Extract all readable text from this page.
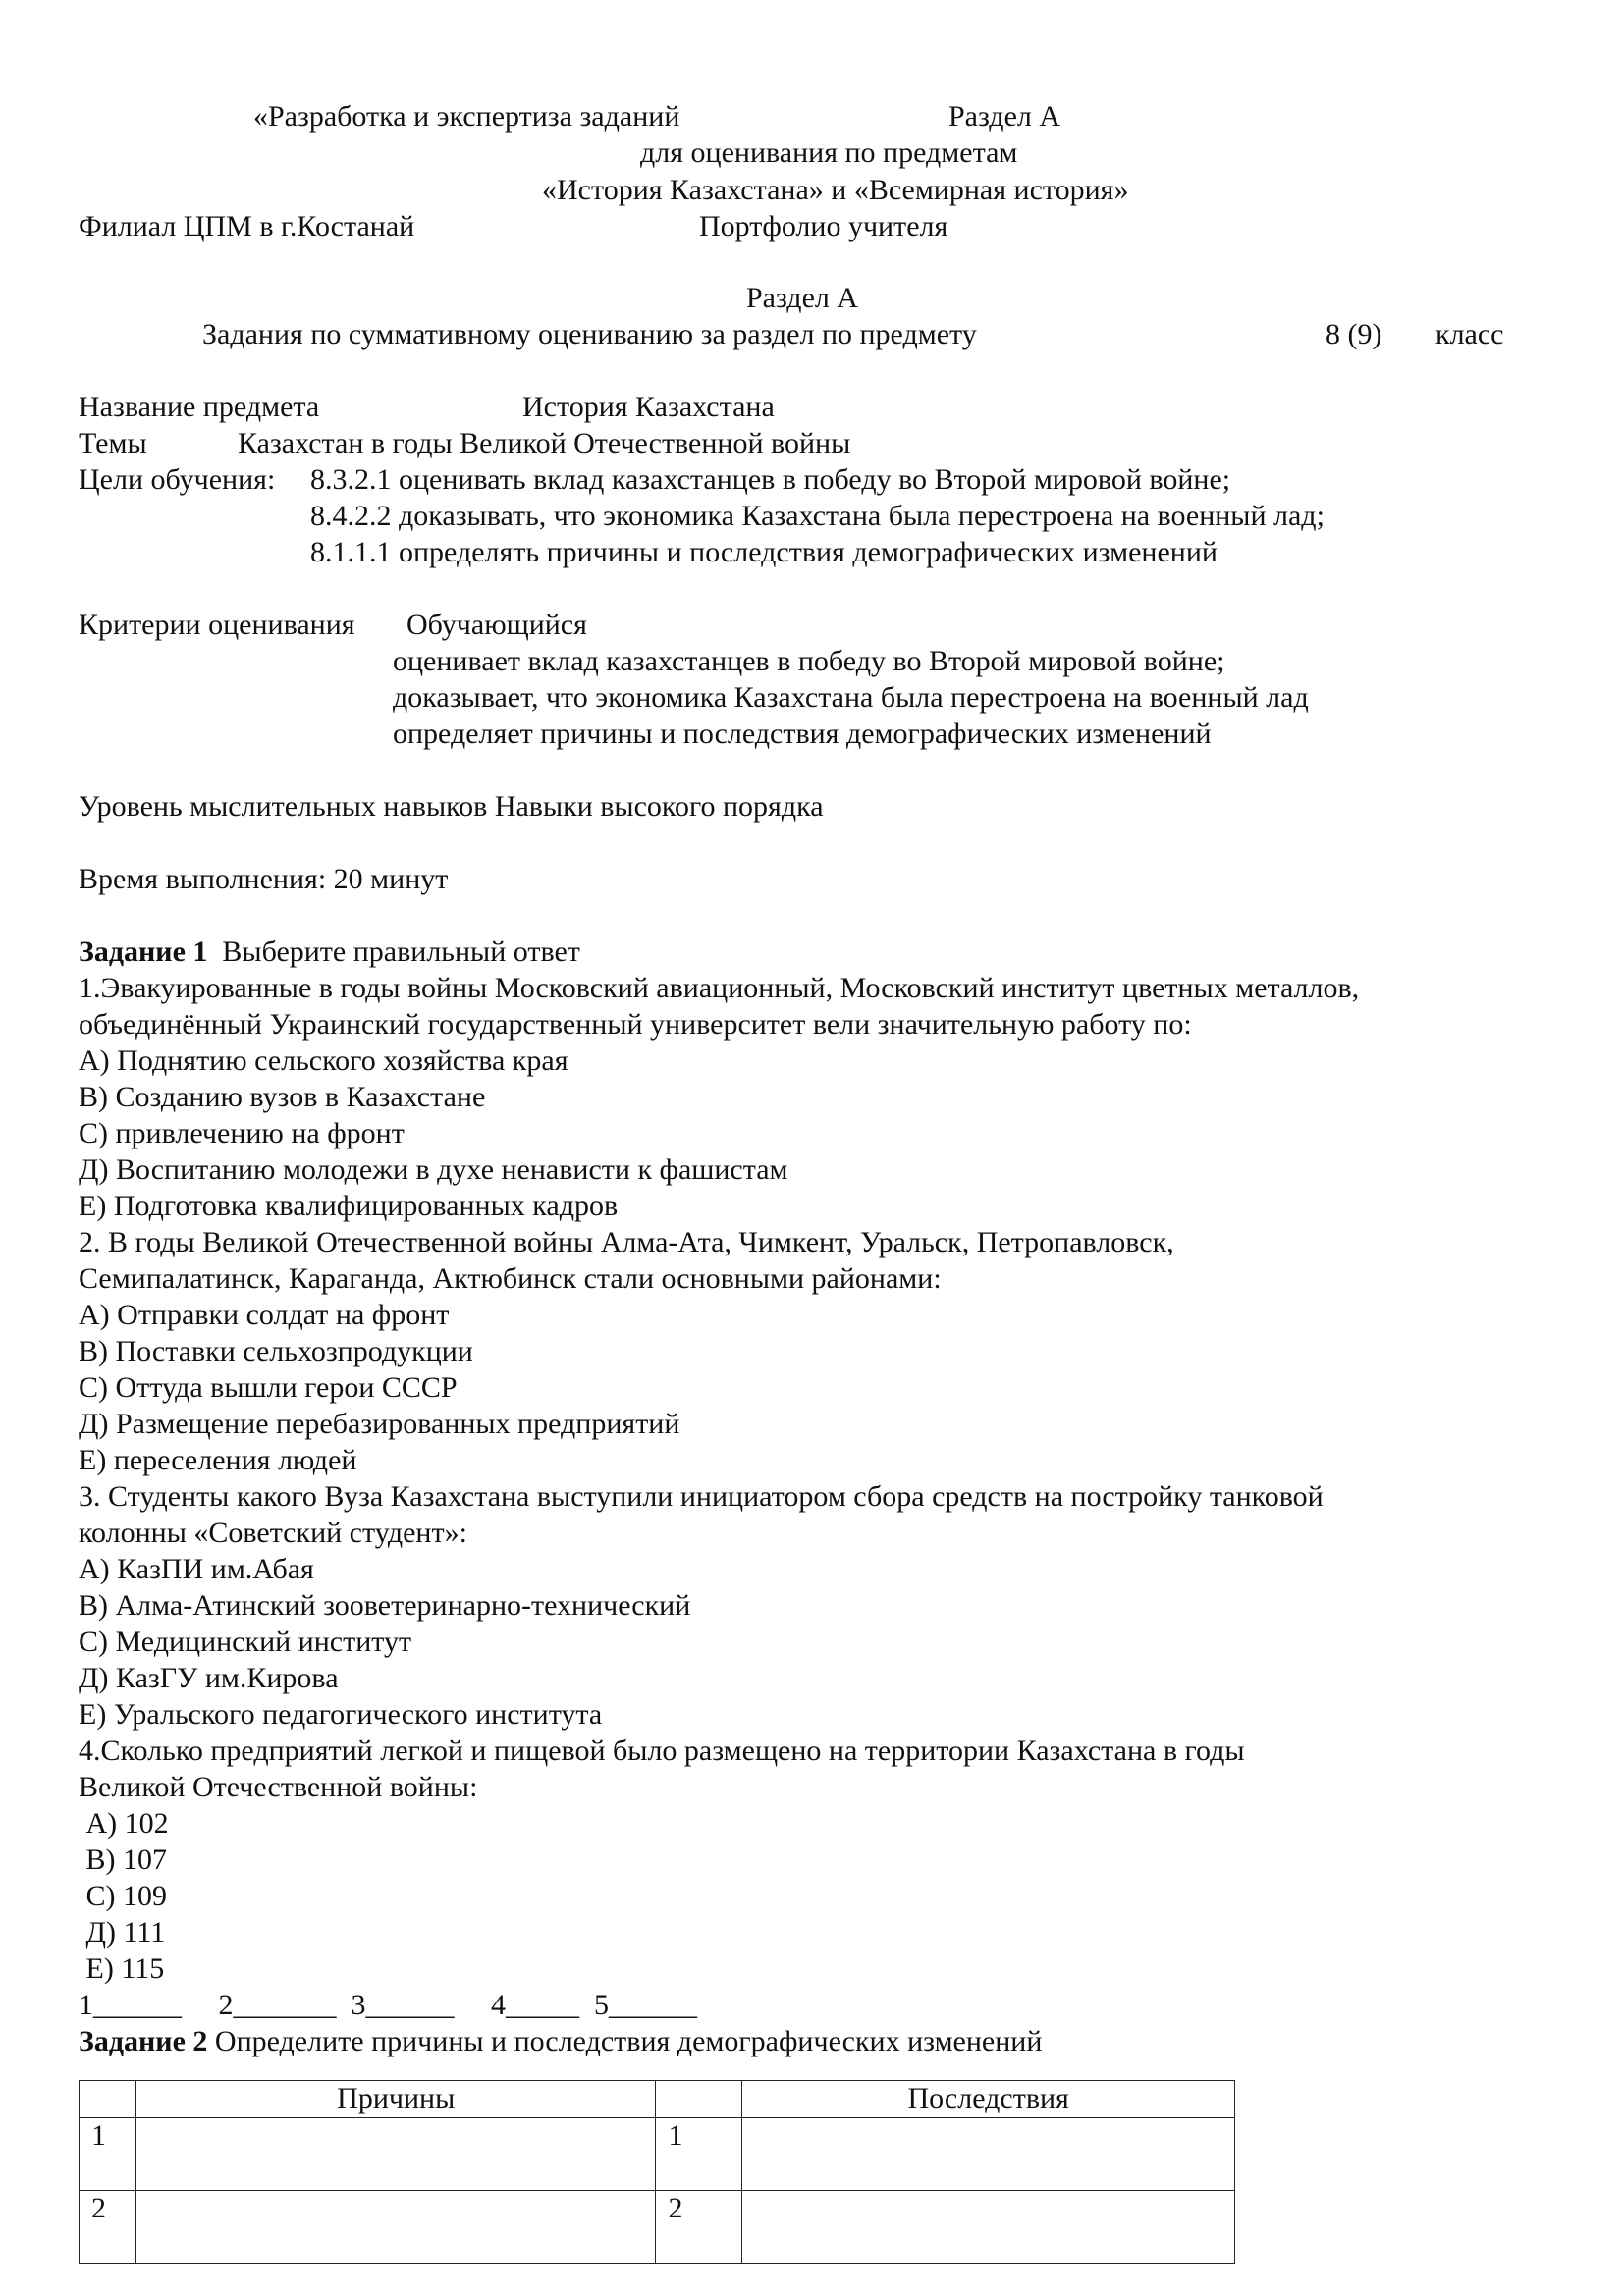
«Разработка и экспертиза заданий	Раздел А
для оценивания по предметам
«История Казахстана» и «Всемирная история»
Филиал ЦПМ в г.Костанай	Портфолио учителя
Раздел А
Задания по суммативному оцениванию за раздел по предмету	8 (9) класс
Название предмета	История Казахстана
Темы	Казахстан в годы Великой Отечественной войны
Цели обучения: 8.3.2.1 оценивать вклад казахстанцев в победу во Второй мировой войне;
8.4.2.2 доказывать, что экономика Казахстана была перестроена на военный лад;
8.1.1.1 определять причины и последствия демографических изменений
Критерии оценивания Обучающийся
оценивает вклад казахстанцев в победу во Второй мировой войне;
доказывает, что экономика Казахстана была перестроена на военный лад
определяет причины и последствия демографических изменений
Уровень мыслительных навыков Навыки высокого порядка
Время выполнения: 20 минут
Задание 1  Выберите правильный ответ
1.Эвакуированные в годы войны Московский авиационный, Московский институт цветных металлов,
объединённый Украинский государственный университет вели значительную работу по:
А) Поднятию сельского хозяйства края
В) Созданию вузов в Казахстане
С) привлечению на фронт
Д) Воспитанию молодежи в духе ненависти к фашистам
Е) Подготовка квалифицированных кадров
2. В годы Великой Отечественной войны Алма-Ата, Чимкент, Уральск, Петропавловск,
Семипалатинск, Караганда, Актюбинск стали основными районами:
А) Отправки солдат на фронт
В) Поставки сельхозпродукции
С) Оттуда вышли герои СССР
Д) Размещение перебазированных предприятий
Е) переселения людей
3. Студенты какого Вуза Казахстана выступили инициатором сбора средств на постройку танковой
колонны «Советский студент»:
А) КазПИ им.Абая
В) Алма-Атинский зооветеринарно-технический
С) Медицинский институт
Д) КазГУ им.Кирова
Е) Уральского педагогического института
4.Сколько предприятий легкой и пищевой было размещено на территории Казахстана в годы
Великой Отечественной войны:
А) 102
В) 107
С) 109
Д) 111
Е) 115
1______     2_______  3______     4_____  5______
Задание 2 Определите причины и последствия демографических изменений
	Причины		Последствия
1		1	
2		2	
